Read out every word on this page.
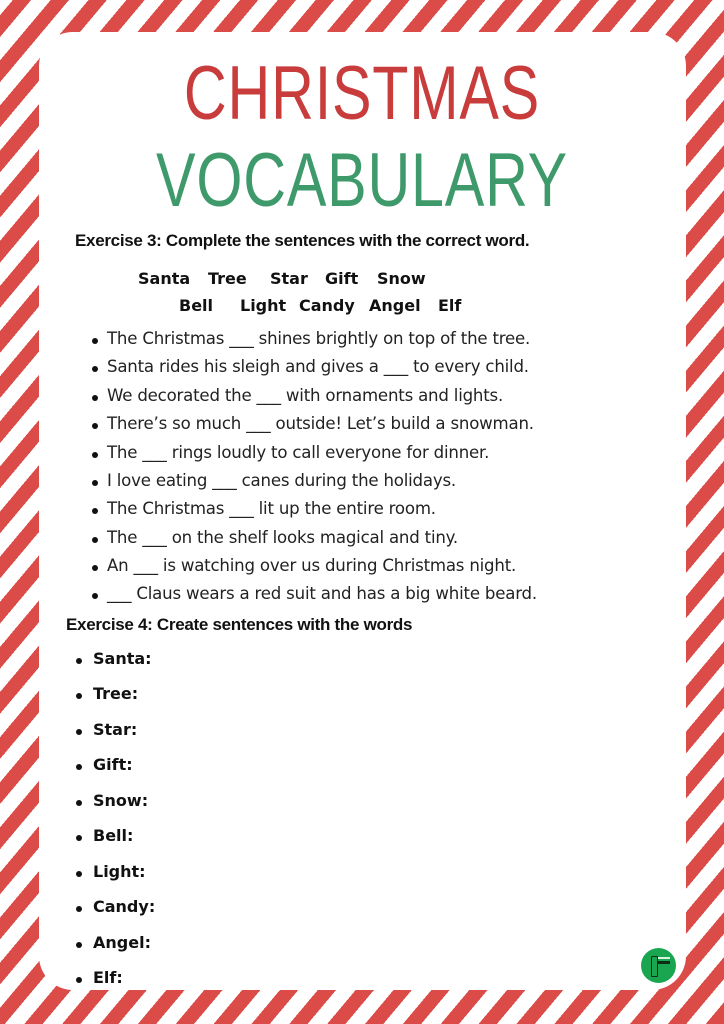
CHRISTMAS
VOCABULARY
Exercise 3: Complete the sentences with the correct word.
Santa Tree Star Gift Snow
Bell Light Candy Angel Elf
The Christmas ___ shines brightly on top of the tree.
Santa rides his sleigh and gives a ___ to every child.
We decorated the ___ with ornaments and lights.
There’s so much ___ outside! Let’s build a snowman.
The ___ rings loudly to call everyone for dinner.
I love eating ___ canes during the holidays.
The Christmas ___ lit up the entire room.
The ___ on the shelf looks magical and tiny.
An ___ is watching over us during Christmas night.
___ Claus wears a red suit and has a big white beard.
Exercise 4: Create sentences with the words
Santa:
Tree:
Star:
Gift:
Snow:
Bell:
Light:
Candy:
Angel:
Elf:
